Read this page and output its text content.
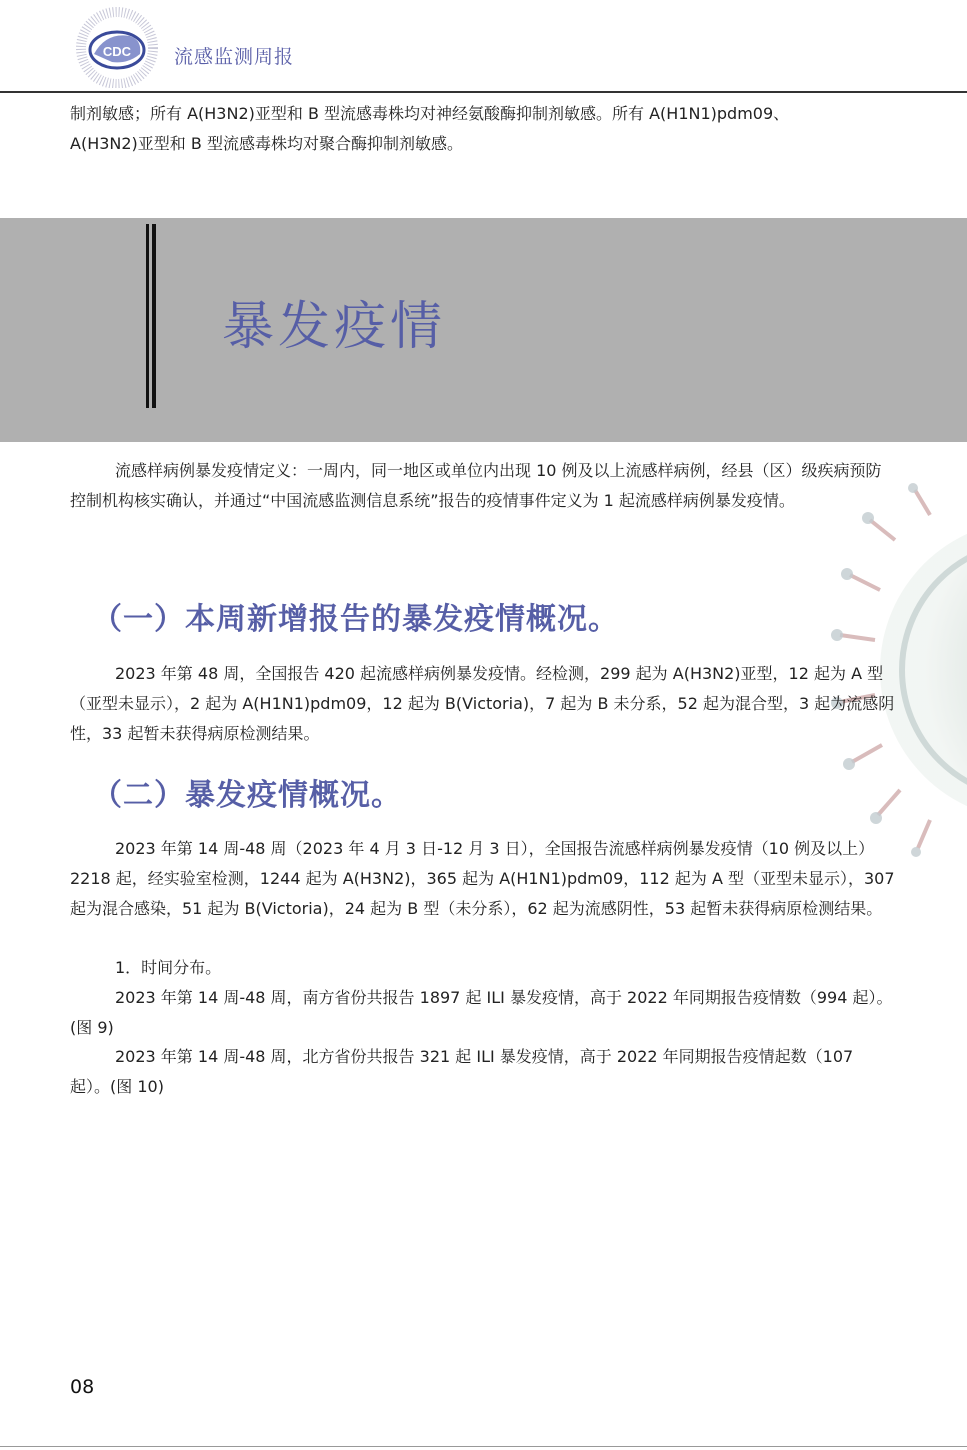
CDC 流感监测周报

制剂敏感；所有 A(H3N2)亚型和 B 型流感毒株均对神经氨酸酶抑制剂敏感。所有 A(H1N1)pdm09、

A(H3N2)亚型和 B 型流感毒株均对聚合酶抑制剂敏感。

暴发疫情

流感样病例暴发疫情定义：一周内，同一地区或单位内出现 10 例及以上流感样病例，经县（区）级疾病预防控制机构核实确认，并通过“中国流感监测信息系统”报告的疫情事件定义为 1 起流感样病例暴发疫情。

（一）本周新增报告的暴发疫情概况。

2023 年第 48 周，全国报告 420 起流感样病例暴发疫情。经检测，299 起为 A(H3N2)亚型，12 起为 A 型（亚型未显示），2 起为 A(H1N1)pdm09，12 起为 B(Victoria)，7 起为 B 未分系，52 起为混合型，3 起为流感阴性，33 起暂未获得病原检测结果。

（二）暴发疫情概况。

2023 年第 14 周-48 周（2023 年 4 月 3 日-12 月 3 日），全国报告流感样病例暴发疫情（10 例及以上）2218 起，经实验室检测，1244 起为 A(H3N2)，365 起为 A(H1N1)pdm09，112 起为 A 型（亚型未显示），307 起为混合感染，51 起为 B(Victoria)，24 起为 B 型（未分系），62 起为流感阴性，53 起暂未获得病原检测结果。

1．时间分布。

2023 年第 14 周-48 周，南方省份共报告 1897 起 ILI 暴发疫情，高于 2022 年同期报告疫情数（994 起）。(图 9)

2023 年第 14 周-48 周，北方省份共报告 321 起 ILI 暴发疫情，高于 2022 年同期报告疫情起数（107 起）。(图 10)

08
